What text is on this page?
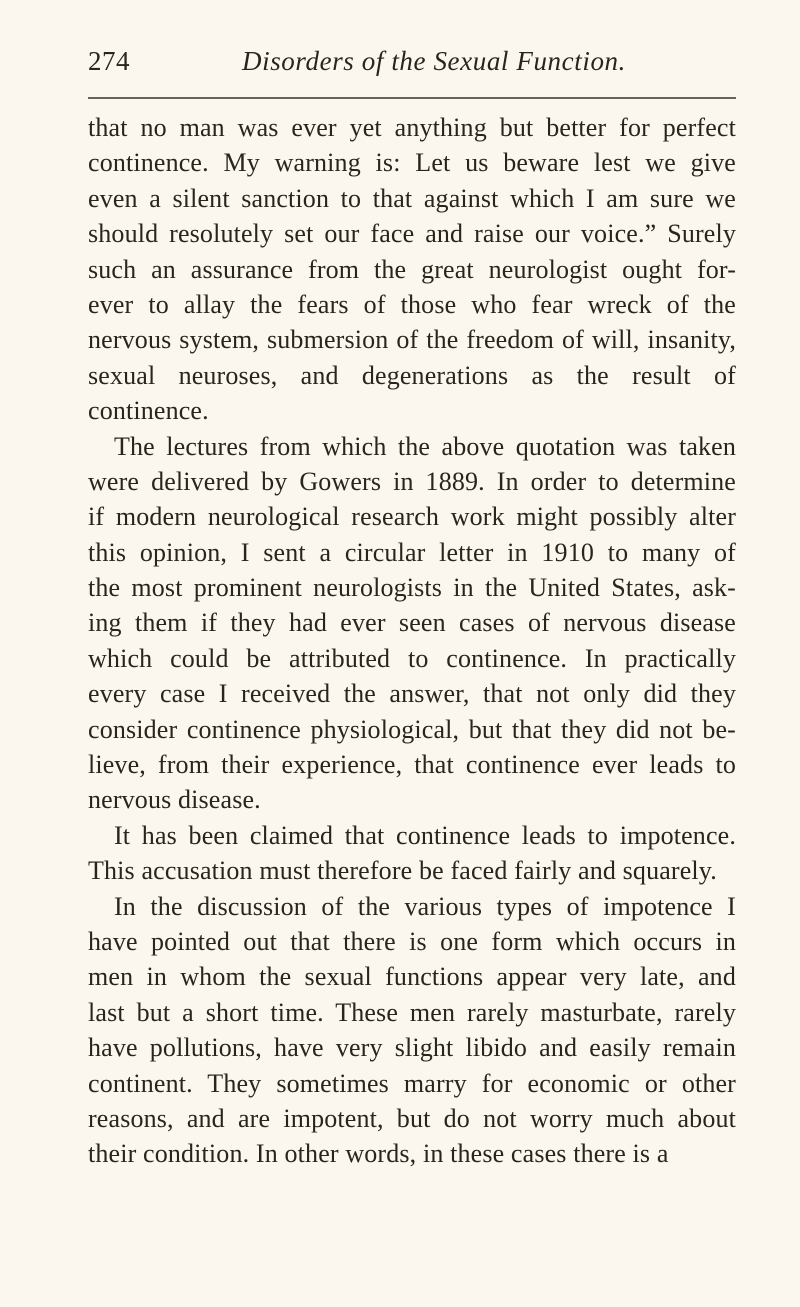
274	Disorders of the Sexual Function.

that no man was ever yet anything but better for perfect
continence. My warning is: Let us beware lest we give
even a silent sanction to that against which I am sure we
should resolutely set our face and raise our voice.” Surely
such an assurance from the great neurologist ought for-
ever to allay the fears of those who fear wreck of the
nervous system, submersion of the freedom of will, insanity,
sexual neuroses, and degenerations as the result of
continence.

The lectures from which the above quotation was taken
were delivered by Gowers in 1889. In order to determine
if modern neurological research work might possibly alter
this opinion, I sent a circular letter in 1910 to many of
the most prominent neurologists in the United States, ask-
ing them if they had ever seen cases of nervous disease
which could be attributed to continence. In practically
every case I received the answer, that not only did they
consider continence physiological, but that they did not be-
lieve, from their experience, that continence ever leads to
nervous disease.

It has been claimed that continence leads to impotence.
This accusation must therefore be faced fairly and squarely.

In the discussion of the various types of impotence I
have pointed out that there is one form which occurs in
men in whom the sexual functions appear very late, and
last but a short time. These men rarely masturbate, rarely
have pollutions, have very slight libido and easily remain
continent. They sometimes marry for economic or other
reasons, and are impotent, but do not worry much about
their condition. In other words, in these cases there is a
